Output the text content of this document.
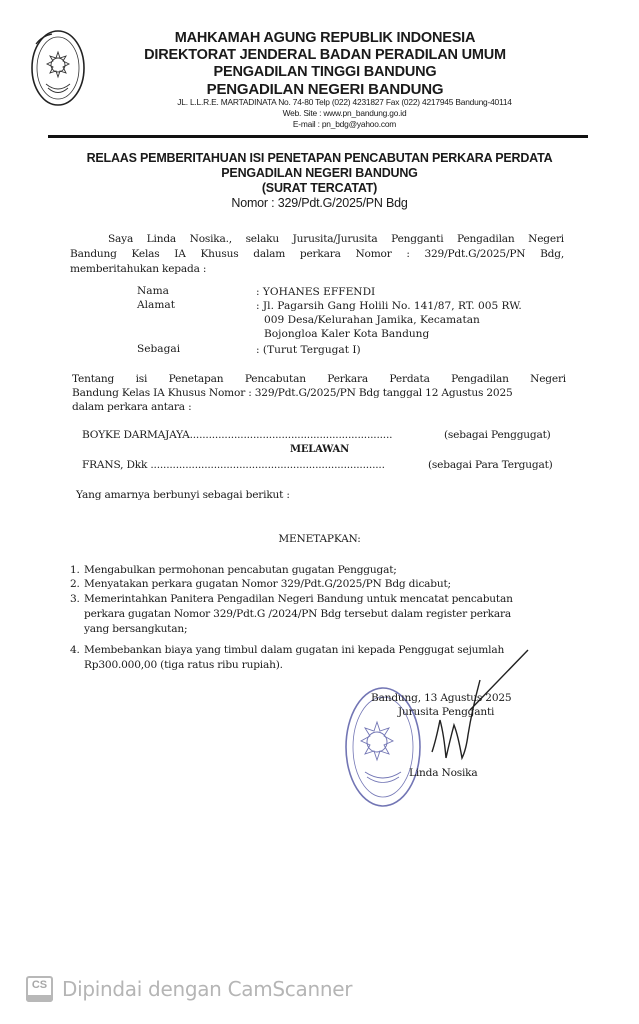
MAHKAMAH AGUNG REPUBLIK INDONESIA
DIREKTORAT JENDERAL BADAN PERADILAN UMUM
PENGADILAN TINGGI BANDUNG
PENGADILAN NEGERI BANDUNG
JL. L.L.R.E. MARTADINATA No. 74-80 Telp (022) 4231827 Fax (022) 4217945 Bandung-40114
Web. Site : www.pn_bandung.go.id
E-mail : pn_bdg@yahoo.com
RELAAS PEMBERITAHUAN ISI PENETAPAN PENCABUTAN PERKARA PERDATA
PENGADILAN NEGERI BANDUNG
(SURAT TERCATAT)
Nomor : 329/Pdt.G/2025/PN Bdg
Saya Linda Nosika., selaku Jurusita/Jurusita Pengganti Pengadilan Negeri
Bandung Kelas IA Khusus dalam perkara Nomor : 329/Pdt.G/2025/PN Bdg,
memberitahukan kepada :
Nama	: YOHANES EFFENDI
Alamat	: Jl. Pagarsih Gang Holili No. 141/87, RT. 005 RW.
009 Desa/Kelurahan Jamika, Kecamatan
Bojongloa Kaler Kota Bandung
Sebagai	: (Turut Tergugat I)
Tentang isi Penetapan Pencabutan Perkara Perdata Pengadilan Negeri
Bandung Kelas IA Khusus Nomor : 329/Pdt.G/2025/PN Bdg tanggal 12 Agustus 2025
dalam perkara antara :
BOYKE DARMAJAYA................................................................	(sebagai Penggugat)
MELAWAN
FRANS, Dkk ..........................................................................	(sebagai Para Tergugat)
Yang amarnya berbunyi sebagai berikut :
MENETAPKAN:
1. Mengabulkan permohonan pencabutan gugatan Penggugat;
2. Menyatakan perkara gugatan Nomor 329/Pdt.G/2025/PN Bdg dicabut;
3. Memerintahkan Panitera Pengadilan Negeri Bandung untuk mencatat pencabutan
perkara gugatan Nomor 329/Pdt.G /2024/PN Bdg tersebut dalam register perkara
yang bersangkutan;
4. Membebankan biaya yang timbul dalam gugatan ini kepada Penggugat sejumlah
Rp300.000,00 (tiga ratus ribu rupiah).
Bandung, 13 Agustus 2025
Jurusita Pengganti
Linda Nosika
CS Dipindai dengan CamScanner
